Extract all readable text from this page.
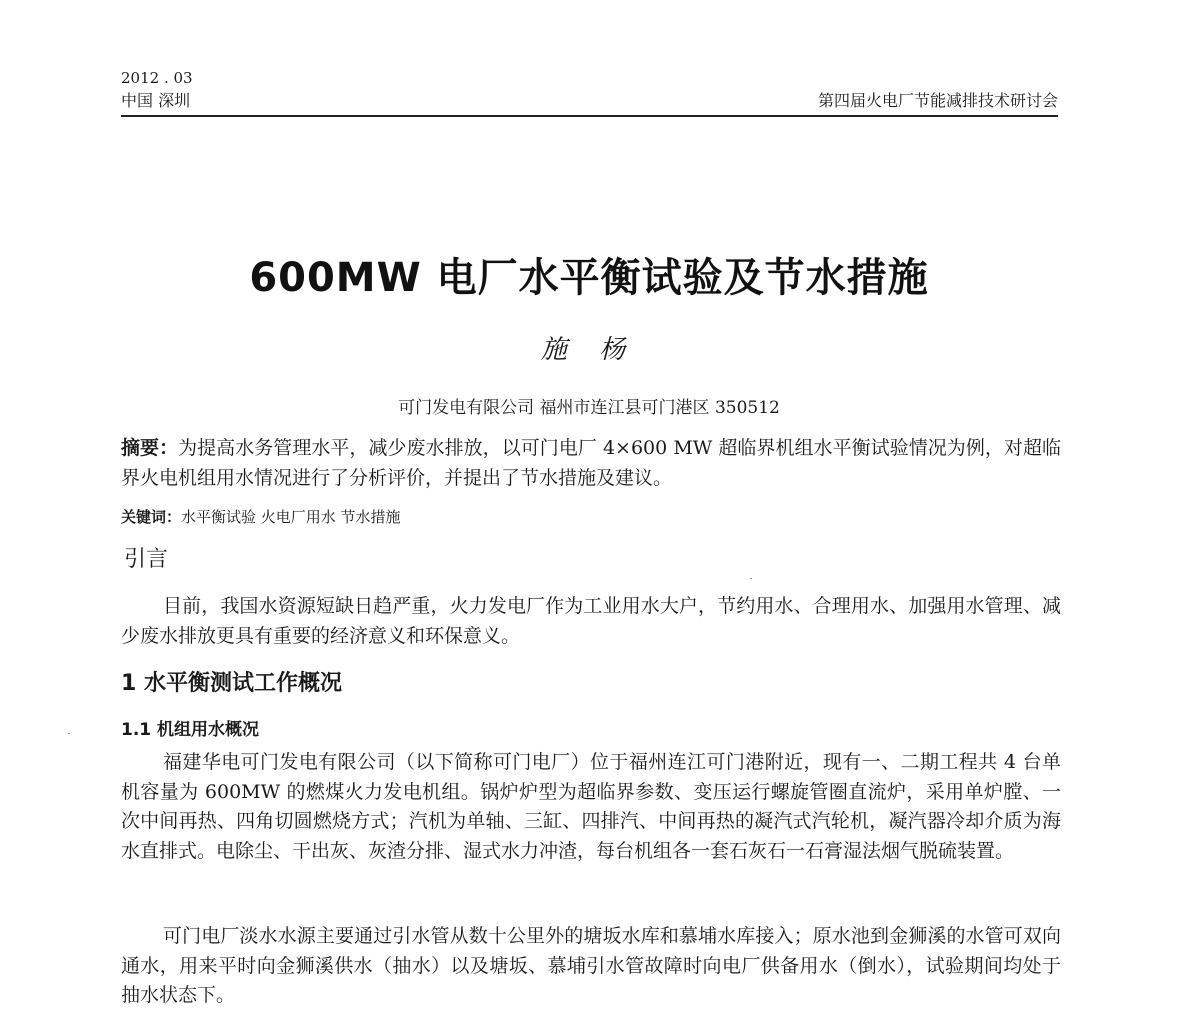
2012 . 03
中国 深圳	第四届火电厂节能减排技术研讨会
600MW 电厂水平衡试验及节水措施
施 杨
可门发电有限公司 福州市连江县可门港区 350512
摘要：为提高水务管理水平，减少废水排放，以可门电厂 4×600 MW 超临界机组水平衡试验情况为例，对超临界火电机组用水情况进行了分析评价，并提出了节水措施及建议。
关键词：水平衡试验 火电厂用水 节水措施
引言
目前，我国水资源短缺日趋严重，火力发电厂作为工业用水大户，节约用水、合理用水、加强用水管理、减少废水排放更具有重要的经济意义和环保意义。
1 水平衡测试工作概况
1.1 机组用水概况
福建华电可门发电有限公司（以下简称可门电厂）位于福州连江可门港附近，现有一、二期工程共 4 台单机容量为 600MW 的燃煤火力发电机组。锅炉炉型为超临界参数、变压运行螺旋管圈直流炉，采用单炉膛、一次中间再热、四角切圆燃烧方式；汽机为单轴、三缸、四排汽、中间再热的凝汽式汽轮机，凝汽器冷却介质为海水直排式。电除尘、干出灰、灰渣分排、湿式水力冲渣，每台机组各一套石灰石一石膏湿法烟气脱硫装置。
可门电厂淡水水源主要通过引水管从数十公里外的塘坂水库和慕埔水库接入；原水池到金狮溪的水管可双向通水，用来平时向金狮溪供水（抽水）以及塘坂、慕埔引水管故障时向电厂供备用水（倒水），试验期间均处于抽水状态下。
